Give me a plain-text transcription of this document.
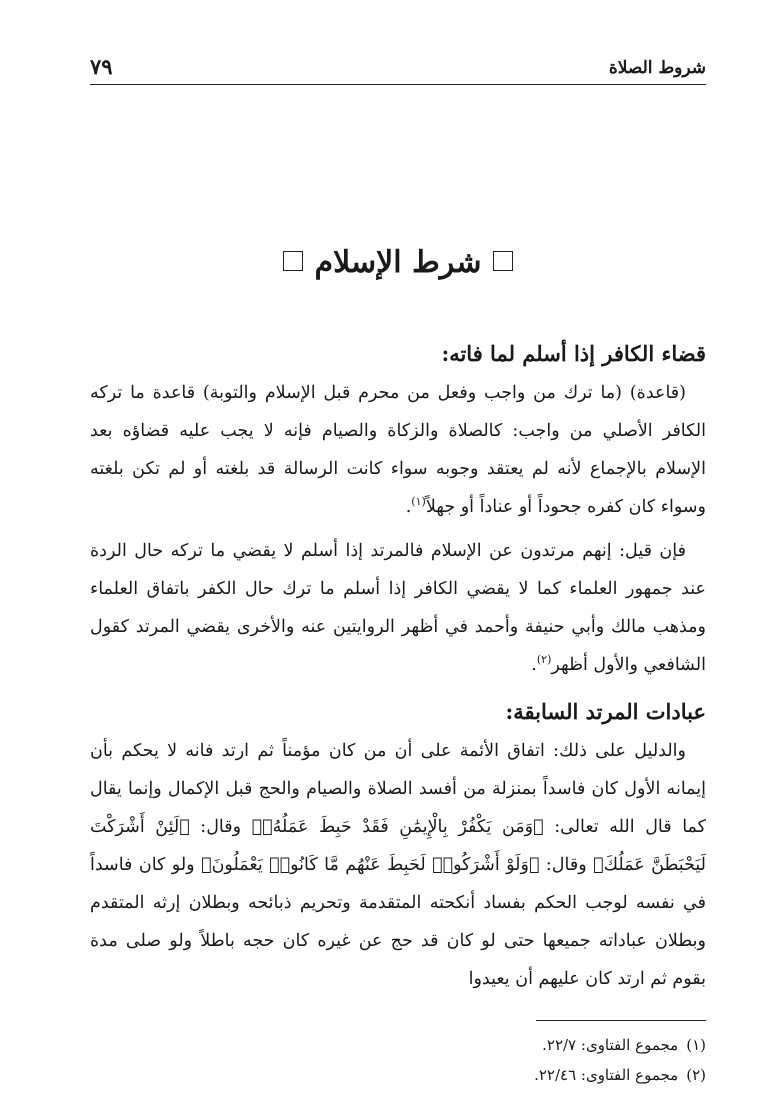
شروط الصلاة
٧٩
شرط الإسلام
قضاء الكافر إذا أسلم لما فاته:

(قاعدة) (ما ترك من واجب وفعل من محرم قبل الإسلام والتوبة) قاعدة ما تركه الكافر الأصلي من واجب: كالصلاة والزكاة والصيام فإنه لا يجب عليه قضاؤه بعد الإسلام بالإجماع لأنه لم يعتقد وجوبه سواء كانت الرسالة قد بلغته أو لم تكن بلغته وسواء كان كفره جحوداً أو عناداً أو جهلاً$^{(١)}$.

فإن قيل: إنهم مرتدون عن الإسلام فالمرتد إذا أسلم لا يقضي ما تركه حال الردة عند جمهور العلماء كما لا يقضي الكافر إذا أسلم ما ترك حال الكفر باتفاق العلماء ومذهب مالك وأبي حنيفة وأحمد في أظهر الروايتين عنه والأخرى يقضي المرتد كقول الشافعي والأول أظهر$^{(٢)}$.

عبادات المرتد السابقة:

والدليل على ذلك: اتفاق الأئمة على أن من كان مؤمناً ثم ارتد فانه لا يحكم بأن إيمانه الأول كان فاسداً بمنزلة من أفسد الصلاة والصيام والحج قبل الإكمال وإنما يقال كما قال الله تعالى: ﴿وَمَن يَكْفُرْ بِالْإِيمَٰنِ فَقَدْ حَبِطَ عَمَلُهُۥ﴾ وقال: ﴿لَئِنْ أَشْرَكْتَ لَيَحْبَطَنَّ عَمَلُكَ﴾ وقال: ﴿وَلَوْ أَشْرَكُوا۟ لَحَبِطَ عَنْهُم مَّا كَانُوا۟ يَعْمَلُونَ﴾ ولو كان فاسداً في نفسه لوجب الحكم بفساد أنكحته المتقدمة وتحريم ذبائحه وبطلان إرثه المتقدم وبطلان عباداته جميعها حتى لو كان قد حج عن غيره كان حجه باطلاً ولو صلى مدة بقوم ثم ارتد كان عليهم أن يعيدوا

(١)مجموع الفتاوى: ٢٢/٧.

(٢)مجموع الفتاوى: ٢٢/٤٦.
